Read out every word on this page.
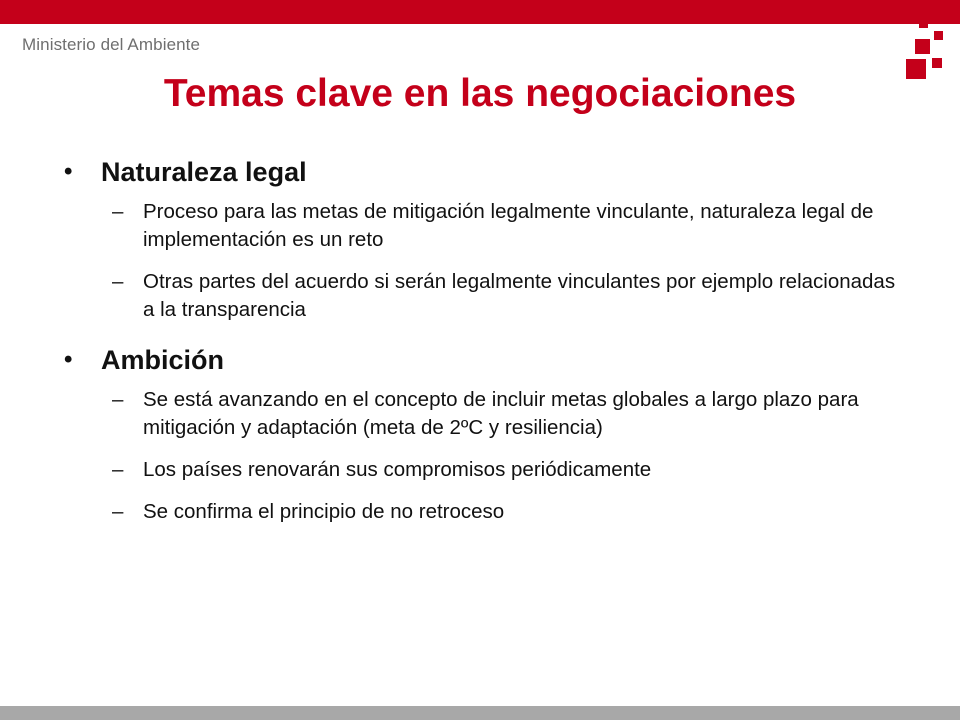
Ministerio del Ambiente
Temas clave en las negociaciones
•	Naturaleza legal
– Proceso para las metas de mitigación legalmente vinculante, naturaleza legal de implementación es un reto
– Otras partes del acuerdo si serán legalmente vinculantes por ejemplo relacionadas a la transparencia
•	Ambición
– Se está avanzando en el concepto de incluir metas globales a largo plazo para mitigación y adaptación (meta de 2ºC y resiliencia)
– Los países renovarán sus compromisos periódicamente
– Se confirma el principio de no retroceso
